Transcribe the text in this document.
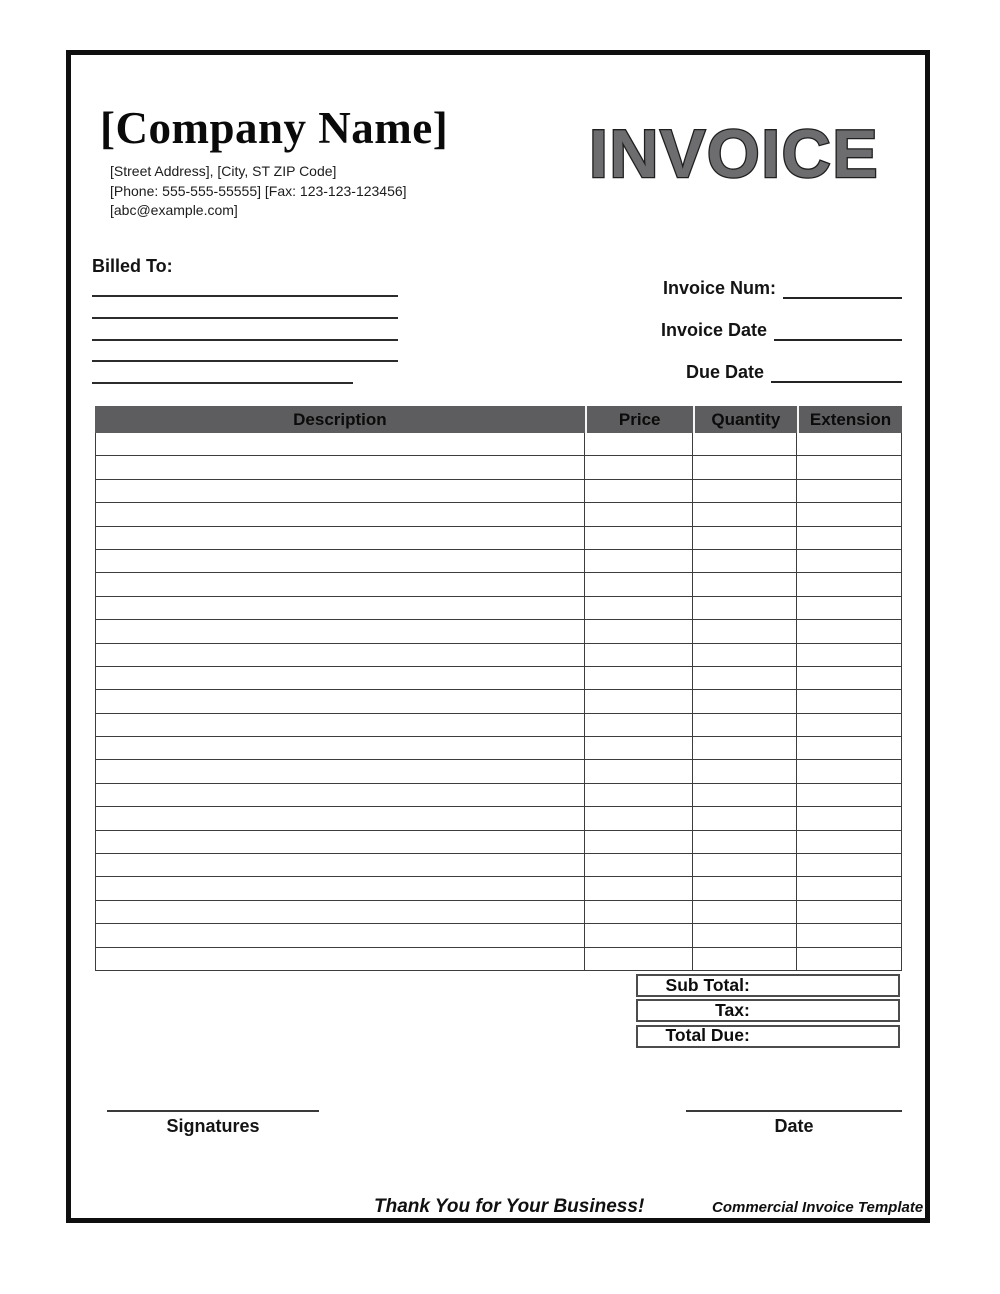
[Company Name]
[Street Address], [City, ST ZIP Code]
[Phone: 555-555-55555] [Fax: 123-123-123456]
[abc@example.com]
INVOICE
Billed To:
Invoice Num:
Invoice Date
Due Date
Description	Price	Quantity	Extension
Sub Total:
Tax:
Total Due:
Signatures	Date
Thank You for Your Business!	Commercial Invoice Template
